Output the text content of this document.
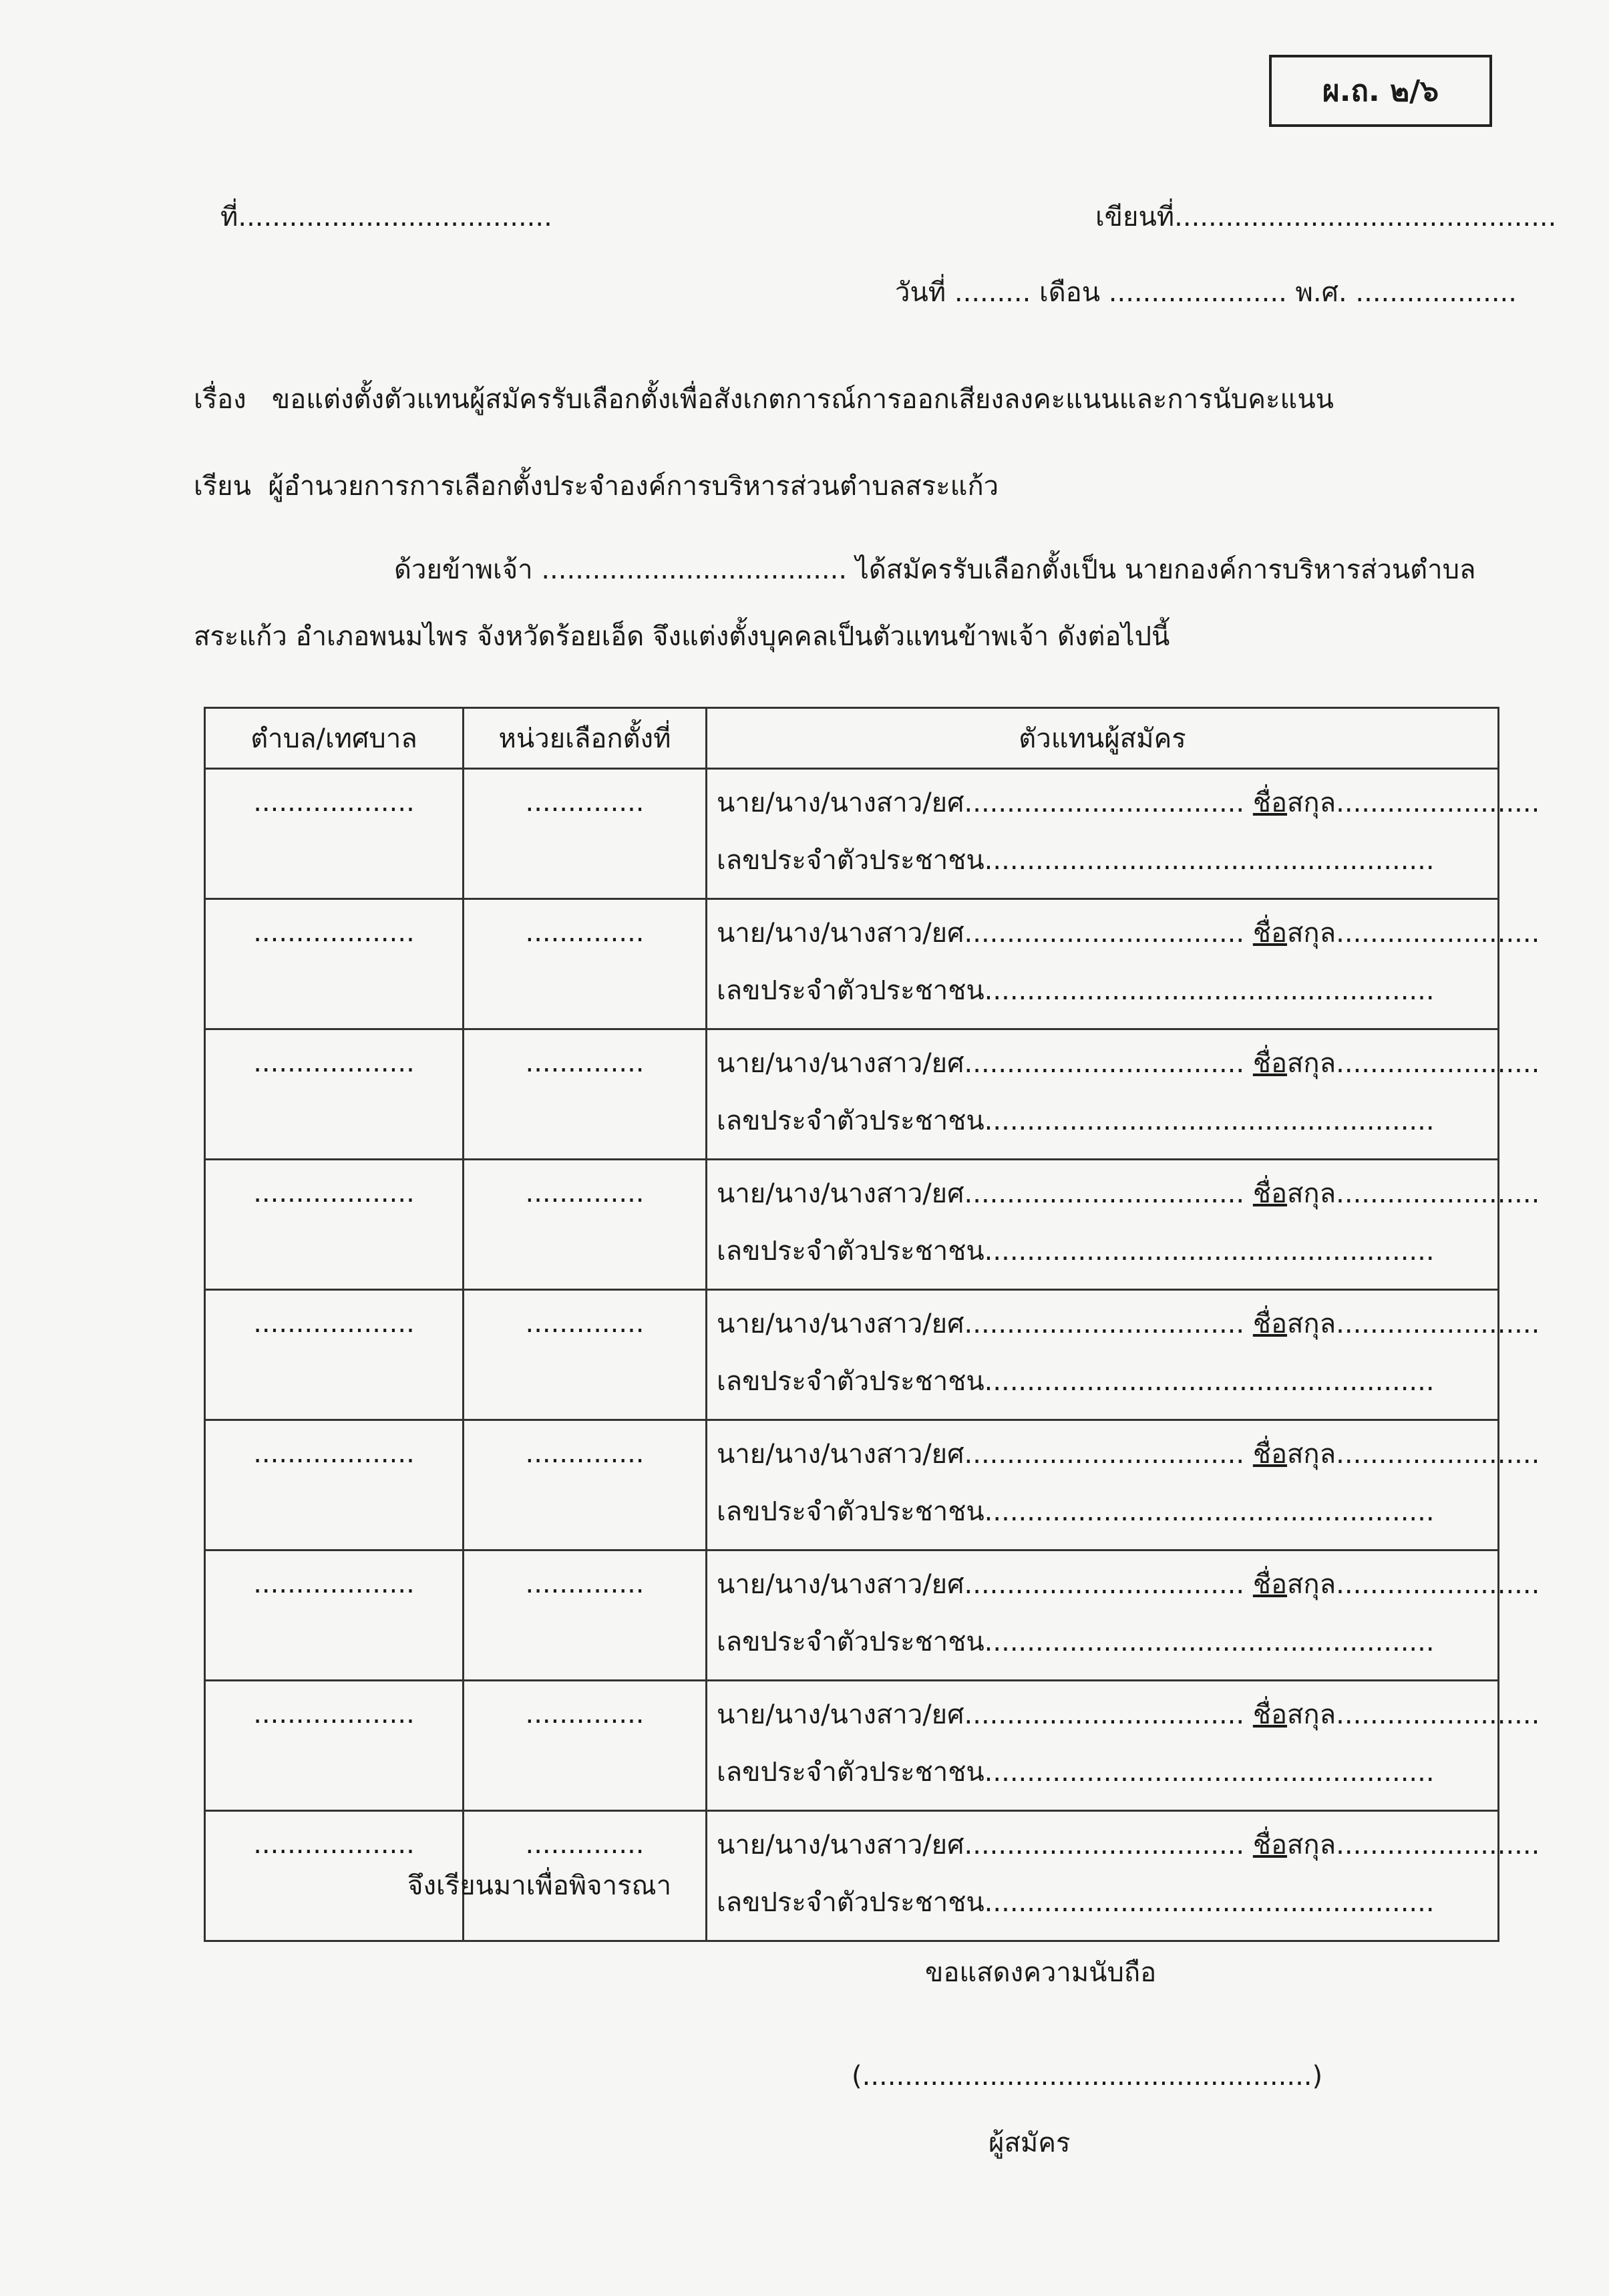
ผ.ถ. ๒/๖
ที่.....................................	เขียนที่.............................................
วันที่ ......... เดือน ..................... พ.ศ. ...................
เรื่อง ขอแต่งตั้งตัวแทนผู้สมัครรับเลือกตั้งเพื่อสังเกตการณ์การออกเสียงลงคะแนนและการนับคะแนน
เรียน ผู้อำนวยการการเลือกตั้งประจำองค์การบริหารส่วนตำบลสระแก้ว
ด้วยข้าพเจ้า .................................... ได้สมัครรับเลือกตั้งเป็น นายกองค์การบริหารส่วนตำบล
สระแก้ว อำเภอพนมไพร จังหวัดร้อยเอ็ด จึงแต่งตั้งบุคคลเป็นตัวแทนข้าพเจ้า ดังต่อไปนี้
ตำบล/เทศบาล	หน่วยเลือกตั้งที่	ตัวแทนผู้สมัคร
...................	..............	นาย/นาง/นางสาว/ยศ................................. ชื่อสกุล........................
เลขประจำตัวประชาชน.....................................................

...................	..............	นาย/นาง/นางสาว/ยศ................................. ชื่อสกุล........................
เลขประจำตัวประชาชน.....................................................

...................	..............	นาย/นาง/นางสาว/ยศ................................. ชื่อสกุล........................
เลขประจำตัวประชาชน.....................................................

...................	..............	นาย/นาง/นางสาว/ยศ................................. ชื่อสกุล........................
เลขประจำตัวประชาชน.....................................................

...................	..............	นาย/นาง/นางสาว/ยศ................................. ชื่อสกุล........................
เลขประจำตัวประชาชน.....................................................

...................	..............	นาย/นาง/นางสาว/ยศ................................. ชื่อสกุล........................
เลขประจำตัวประชาชน.....................................................

...................	..............	นาย/นาง/นางสาว/ยศ................................. ชื่อสกุล........................
เลขประจำตัวประชาชน.....................................................

...................	..............	นาย/นาง/นางสาว/ยศ................................. ชื่อสกุล........................
เลขประจำตัวประชาชน.....................................................

...................	..............	นาย/นาง/นางสาว/ยศ................................. ชื่อสกุล........................
เลขประจำตัวประชาชน.....................................................
จึงเรียนมาเพื่อพิจารณา
ขอแสดงความนับถือ
(.....................................................)
ผู้สมัคร
